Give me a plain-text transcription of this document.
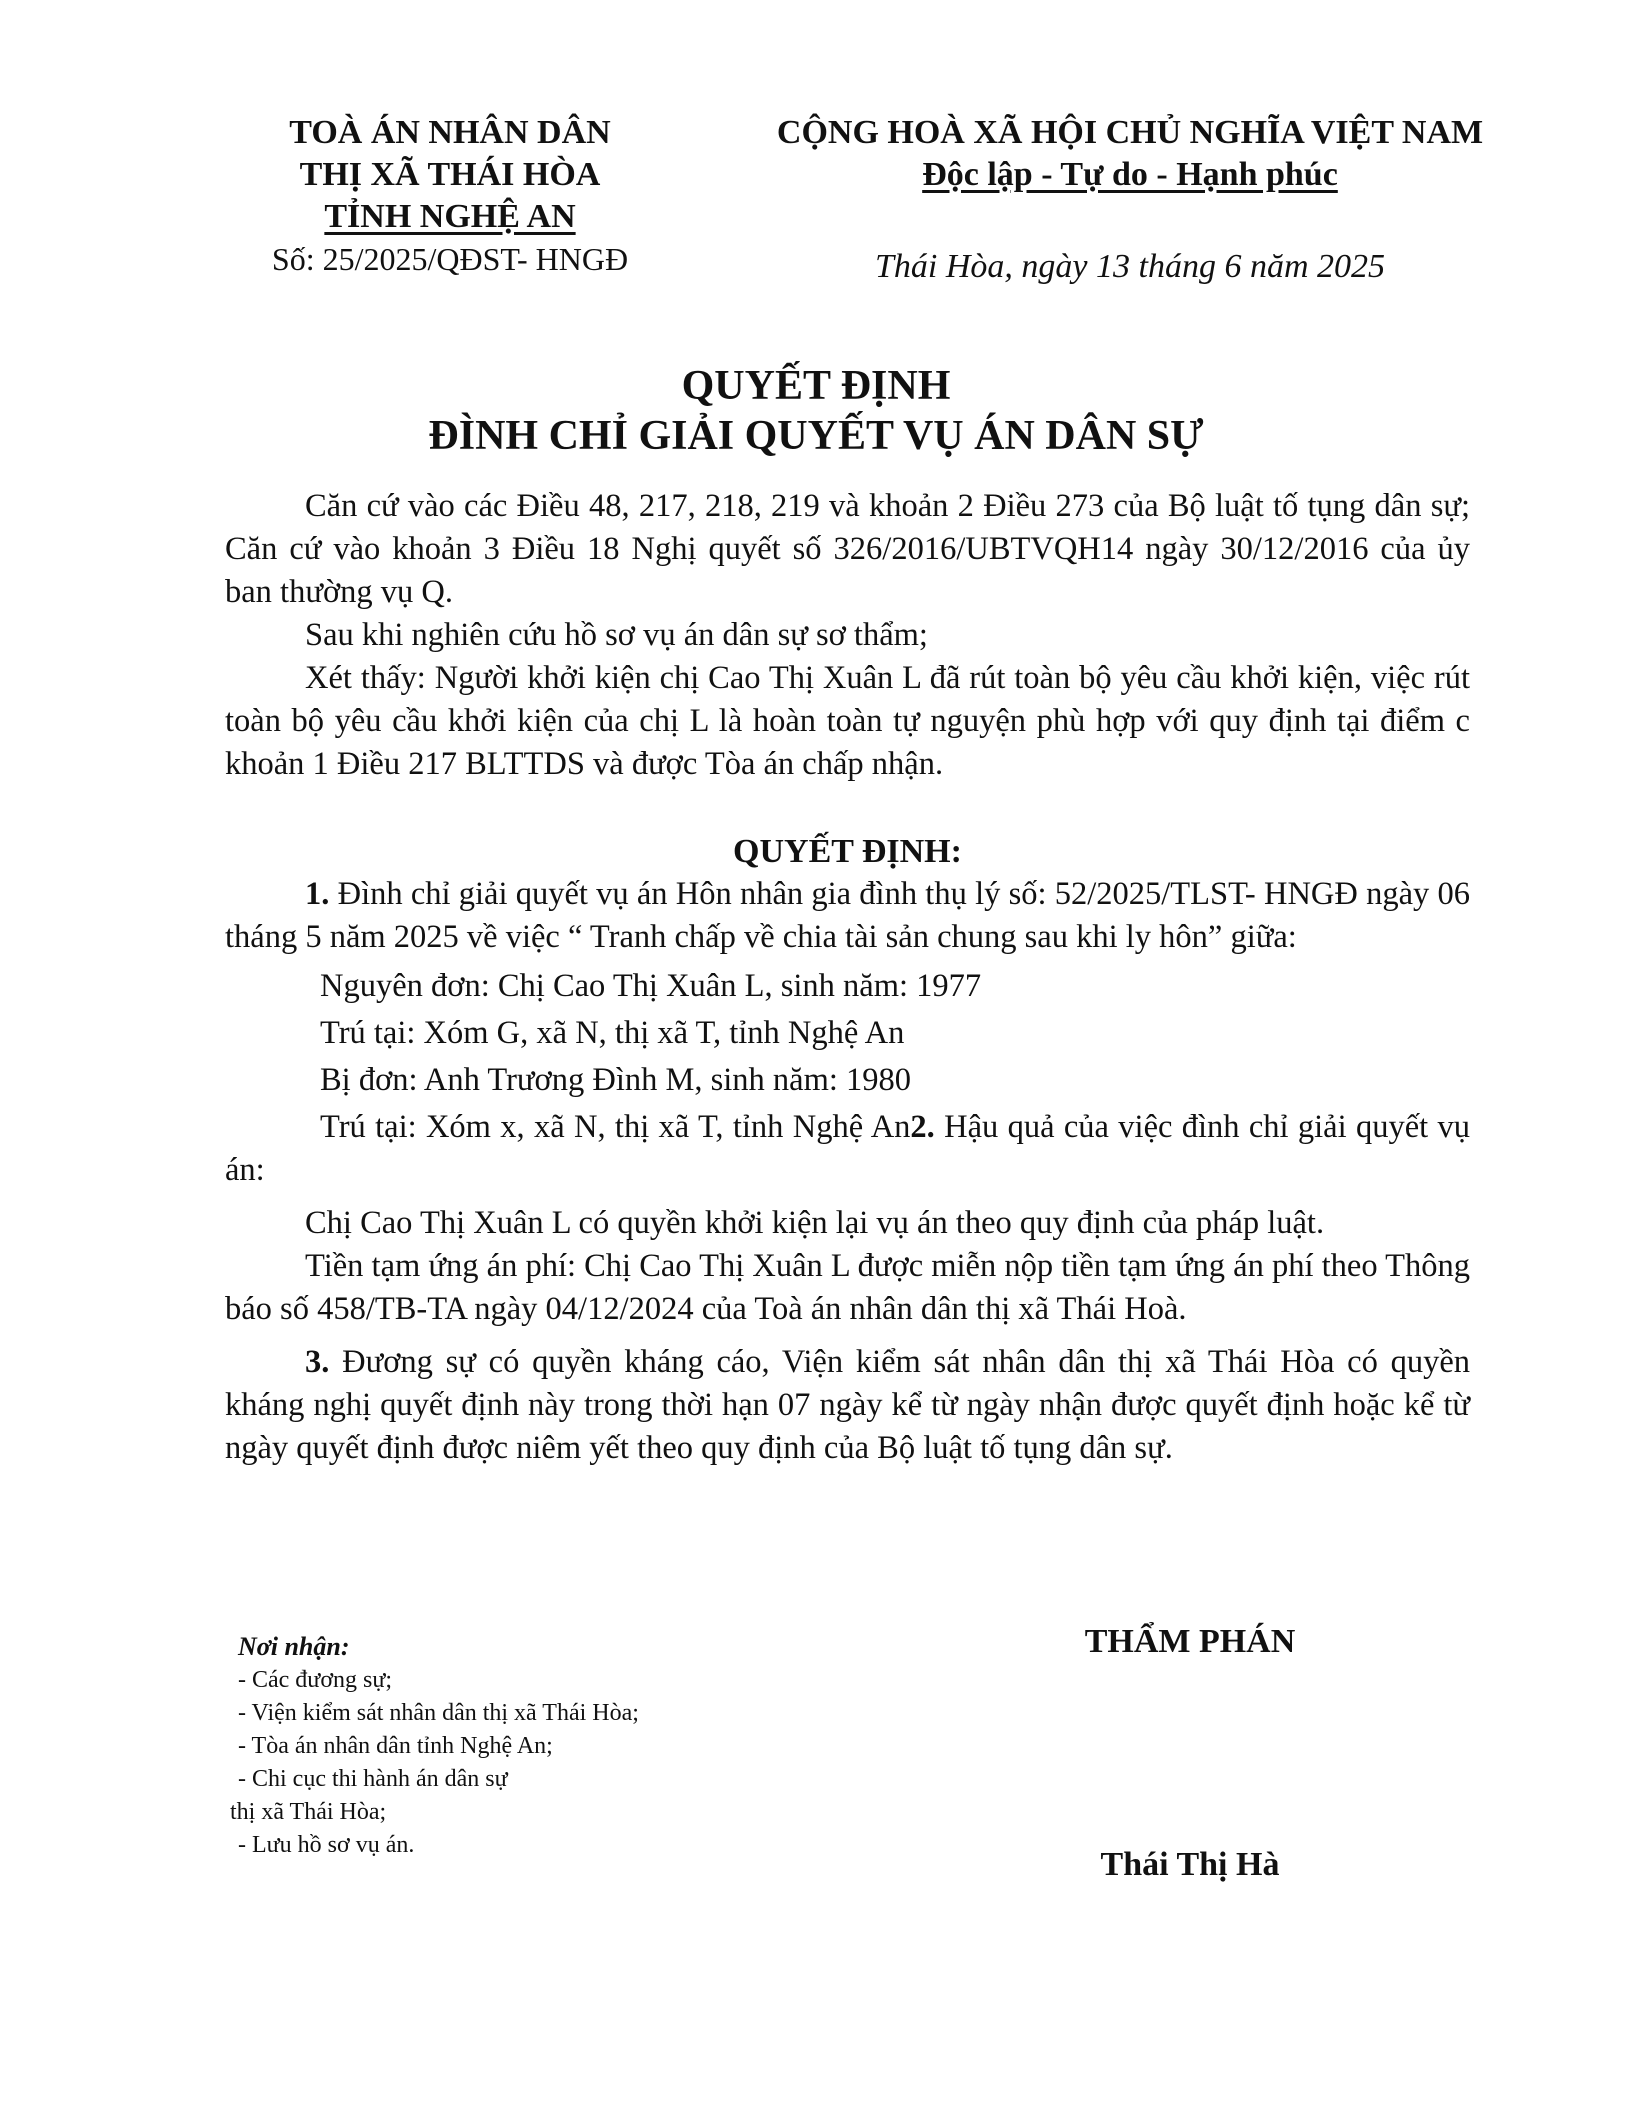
TOÀ ÁN NHÂN DÂN
THỊ XÃ THÁI HÒA
TỈNH NGHỆ AN
Số: 25/2025/QĐST- HNGĐ
CỘNG HOÀ XÃ HỘI CHỦ NGHĨA VIỆT NAM
Độc lập - Tự do - Hạnh phúc
Thái Hòa, ngày 13 tháng 6 năm 2025
QUYẾT ĐỊNH
ĐÌNH CHỈ GIẢI QUYẾT VỤ ÁN DÂN SỰ

Căn cứ vào các Điều 48, 217, 218, 219 và khoản 2 Điều 273 của Bộ luật tố tụng dân sự; Căn cứ vào khoản 3 Điều 18 Nghị quyết số 326/2016/UBTVQH14 ngày 30/12/2016 của ủy ban thường vụ Q.

Sau khi nghiên cứu hồ sơ vụ án dân sự sơ thẩm;

Xét thấy: Người khởi kiện chị Cao Thị Xuân L đã rút toàn bộ yêu cầu khởi kiện, việc rút toàn bộ yêu cầu khởi kiện của chị L là hoàn toàn tự nguyện phù hợp với quy định tại điểm c khoản 1 Điều 217 BLTTDS và được Tòa án chấp nhận.

QUYẾT ĐỊNH:

1. Đình chỉ giải quyết vụ án Hôn nhân gia đình thụ lý số: 52/2025/TLST- HNGĐ ngày 06 tháng 5 năm 2025 về việc “ Tranh chấp về chia tài sản chung sau khi ly hôn” giữa:

Nguyên đơn: Chị Cao Thị Xuân L, sinh năm: 1977

Trú tại: Xóm G, xã N, thị xã T, tỉnh Nghệ An

Bị đơn: Anh Trương Đình M, sinh năm: 1980

Trú tại: Xóm x, xã N, thị xã T, tỉnh Nghệ An2. Hậu quả của việc đình chỉ giải quyết vụ án:

Chị Cao Thị Xuân L có quyền khởi kiện lại vụ án theo quy định của pháp luật.

Tiền tạm ứng án phí: Chị Cao Thị Xuân L được miễn nộp tiền tạm ứng án phí theo Thông báo số 458/TB-TA ngày 04/12/2024 của Toà án nhân dân thị xã Thái Hoà.

3. Đương sự có quyền kháng cáo, Viện kiểm sát nhân dân thị xã Thái Hòa có quyền kháng nghị quyết định này trong thời hạn 07 ngày kể từ ngày nhận được quyết định hoặc kể từ ngày quyết định được niêm yết theo quy định của Bộ luật tố tụng dân sự.

Nơi nhận:
- Các đương sự;
- Viện kiểm sát nhân dân thị xã Thái Hòa;
- Tòa án nhân dân tỉnh Nghệ An;
- Chi cục thi hành án dân sự
thị xã Thái Hòa;
- Lưu hồ sơ vụ án.
THẨM PHÁN
Thái Thị Hà
